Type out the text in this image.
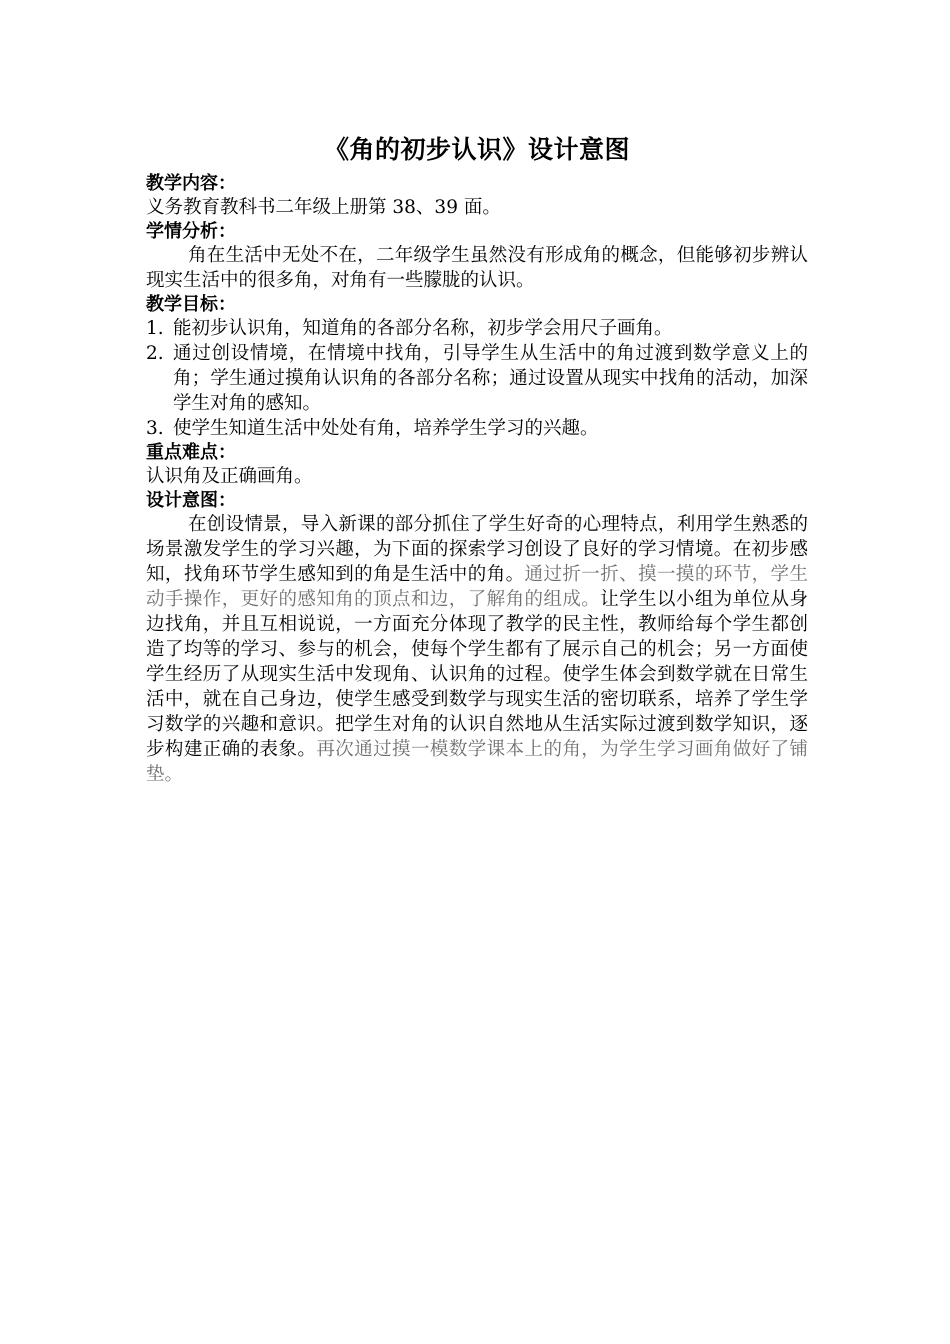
《角的初步认识》设计意图

教学内容：

义务教育教科书二年级上册第 38、39 面。

学情分析：

角在生活中无处不在，二年级学生虽然没有形成角的概念，但能够初步辨认现实生活中的很多角，对角有一些朦胧的认识。

教学目标：

1. 能初步认识角，知道角的各部分名称，初步学会用尺子画角。
2. 通过创设情境，在情境中找角，引导学生从生活中的角过渡到数学意义上的角；学生通过摸角认识角的各部分名称；通过设置从现实中找角的活动，加深学生对角的感知。
3. 使学生知道生活中处处有角，培养学生学习的兴趣。

重点难点：

认识角及正确画角。

设计意图：

在创设情景，导入新课的部分抓住了学生好奇的心理特点，利用学生熟悉的场景激发学生的学习兴趣，为下面的探索学习创设了良好的学习情境。在初步感知，找角环节学生感知到的角是生活中的角。通过折一折、摸一摸的环节，学生动手操作，更好的感知角的顶点和边，了解角的组成。让学生以小组为单位从身边找角，并且互相说说，一方面充分体现了教学的民主性，教师给每个学生都创造了均等的学习、参与的机会，使每个学生都有了展示自己的机会；另一方面使学生经历了从现实生活中发现角、认识角的过程。使学生体会到数学就在日常生活中，就在自己身边，使学生感受到数学与现实生活的密切联系，培养了学生学习数学的兴趣和意识。把学生对角的认识自然地从生活实际过渡到数学知识，逐步构建正确的表象。再次通过摸一模数学课本上的角，为学生学习画角做好了铺垫。
